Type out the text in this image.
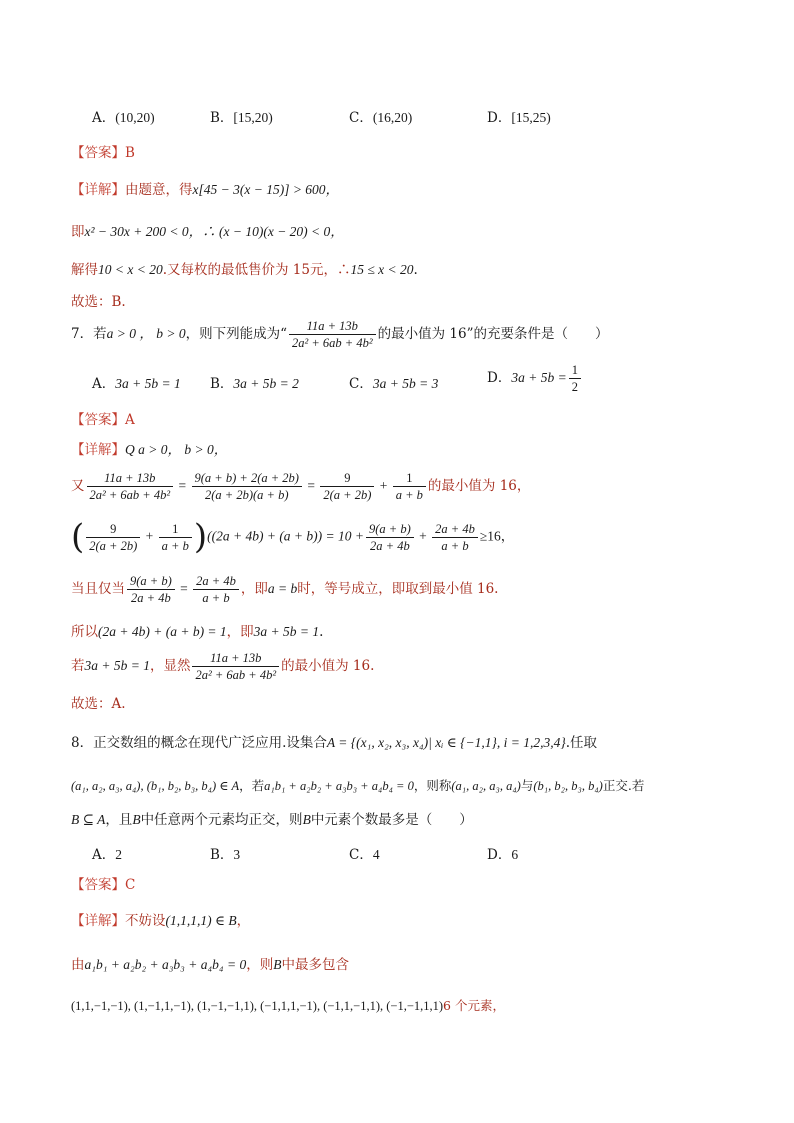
A．(10,20)	B．[15,20)	C．(16,20)	D．[15,25)
【答案】B
【详解】由题意，得x[45 − 3(x − 15)] > 600，
即x² − 30x + 200 < 0，∴ (x − 10)(x − 20) < 0，
解得10 < x < 20.又每枚的最低售价为 15元，∴15 ≤ x < 20.
故选：B.
7．若a > 0 ， b > 0，则下列能成为“ $\frac{11a + 13b}{\text{2a² + 6ab + 4b²}}$ 的最小值为 16”的充要条件是（　　）
A．3a + 5b = 1 B．3a + 5b = 2	C．3a + 5b = 3	D．$3a + 5b = \frac{1}{2}$
【答案】A
【详解】Q a > 0， b > 0，
又 $\frac{11a + 13b}{\text{2a² + 6ab + 4b²}} = \frac{9(a + b) + 2(a + 2b)}{2(a + 2b)(a + b)} = \frac{9}{2(a + 2b)} + \frac{1}{a + b}$ 的最小值为 16，
( $\frac{9}{2(a + 2b)} + \frac{1}{a + b} )((2a + 4b) + (a + b)) = 10 + \frac{9(a + b)}{2a + 4b} + \frac{2a + 4b}{a + b} \ge 16$，
当且仅当 $\frac{9(a + b)}{2a + 4b} = \frac{2a + 4b}{a + b}$ ，即a = b时，等号成立，即取到最小值 16.
所以(2a + 4b) + (a + b) = 1，即3a + 5b = 1.
若3a + 5b = 1，显然 $\frac{11a + 13b}{\text{2a² + 6ab + 4b²}}$ 的最小值为 16.
故选：A.
8．正交数组的概念在现代广泛应用.设集合A = {(x₁, x₂, x₃, x₄)| xᵢ ∈ {−1,1}, i = 1,2,3,4}.任取
(a₁, a₂, a₃, a₄), (b₁, b₂, b₃, b₄) ∈ A，若a₁b₁ + a₂b₂ + a₃b₃ + a₄b₄ = 0，则称(a₁, a₂, a₃, a₄)与(b₁, b₂, b₃, b₄)正交.若
B ⊆ A，且B中任意两个元素均正交，则B中元素个数最多是（　　）
A．2	B．3	C．4	D．6
【答案】C
【详解】不妨设(1,1,1,1) ∈ B，
由a₁b₁ + a₂b₂ + a₃b₃ + a₄b₄ = 0，则B中最多包含
(1,1,−1,−1), (1,−1,1,−1), (1,−1,−1,1), (−1,1,1,−1), (−1,1,−1,1), (−1,−1,1,1)6 个元素，
